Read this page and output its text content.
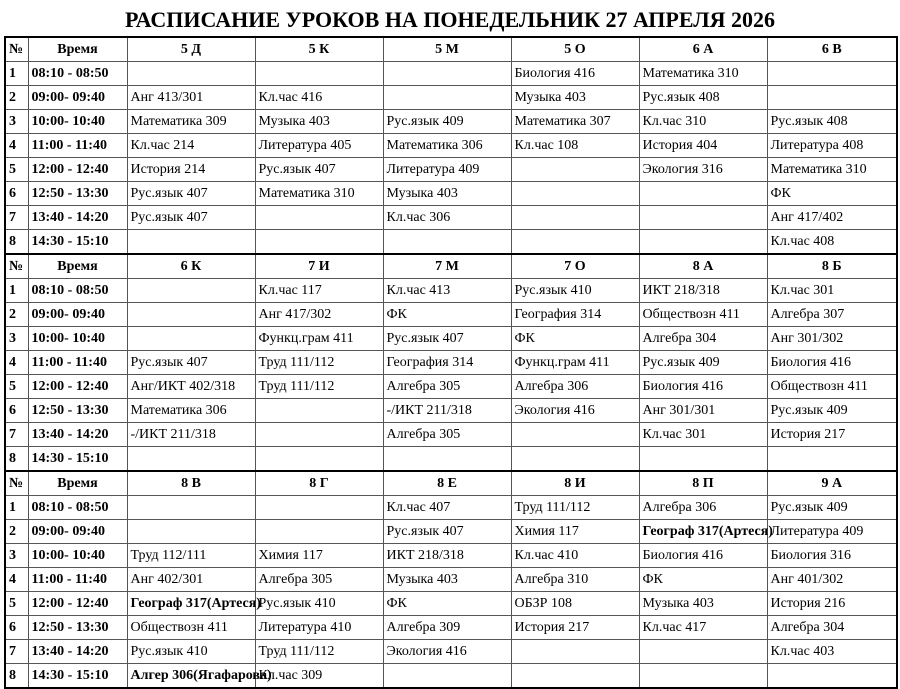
РАСПИСАНИЕ УРОКОВ НА ПОНЕДЕЛЬНИК 27 АПРЕЛЯ 2026
№	Время	5 Д	5 К	5 М	5 О	6 А	6 В
1	08:10 - 08:50				Биология 416	Математика 310	
2	09:00- 09:40	Анг 413/301	Кл.час 416		Музыка 403	Рус.язык 408	
3	10:00- 10:40	Математика 309	Музыка 403	Рус.язык 409	Математика 307	Кл.час 310	Рус.язык 408
4	11:00 - 11:40	Кл.час 214	Литература 405	Математика 306	Кл.час 108	История 404	Литература 408
5	12:00 - 12:40	История 214	Рус.язык 407	Литература 409		Экология 316	Математика 310
6	12:50 - 13:30	Рус.язык 407	Математика 310	Музыка 403			ФК
7	13:40 - 14:20	Рус.язык 407		Кл.час 306			Анг 417/402
8	14:30 - 15:10						Кл.час 408
№	Время	6 К	7 И	7 М	7 О	8 А	8 Б
1	08:10 - 08:50		Кл.час 117	Кл.час 413	Рус.язык 410	ИКТ 218/318	Кл.час 301
2	09:00- 09:40		Анг 417/302	ФК	География 314	Обществозн 411	Алгебра 307
3	10:00- 10:40		Функц.грам 411	Рус.язык 407	ФК	Алгебра 304	Анг 301/302
4	11:00 - 11:40	Рус.язык 407	Труд 111/112	География 314	Функц.грам 411	Рус.язык 409	Биология 416
5	12:00 - 12:40	Анг/ИКТ 402/318	Труд 111/112	Алгебра 305	Алгебра 306	Биология 416	Обществозн 411
6	12:50 - 13:30	Математика 306		-/ИКТ 211/318	Экология 416	Анг 301/301	Рус.язык 409
7	13:40 - 14:20	-/ИКТ 211/318		Алгебра 305		Кл.час 301	История 217
8	14:30 - 15:10						
№	Время	8 В	8 Г	8 Е	8 И	8 П	9 А
1	08:10 - 08:50			Кл.час 407	Труд 111/112	Алгебра 306	Рус.язык 409
2	09:00- 09:40			Рус.язык 407	Химия 117	Географ 317(Артеся)	Литература 409
3	10:00- 10:40	Труд 112/111	Химия 117	ИКТ 218/318	Кл.час 410	Биология 416	Биология 316
4	11:00 - 11:40	Анг 402/301	Алгебра 305	Музыка 403	Алгебра 310	ФК	Анг 401/302
5	12:00 - 12:40	Географ 317(Артеся)	Рус.язык 410	ФК	ОБЗР 108	Музыка 403	История 216
6	12:50 - 13:30	Обществозн 411	Литература 410	Алгебра 309	История 217	Кл.час 417	Алгебра 304
7	13:40 - 14:20	Рус.язык 410	Труд 111/112	Экология 416			Кл.час 403
8	14:30 - 15:10	Алгер 306(Ягафарова)	Кл.час 309				
